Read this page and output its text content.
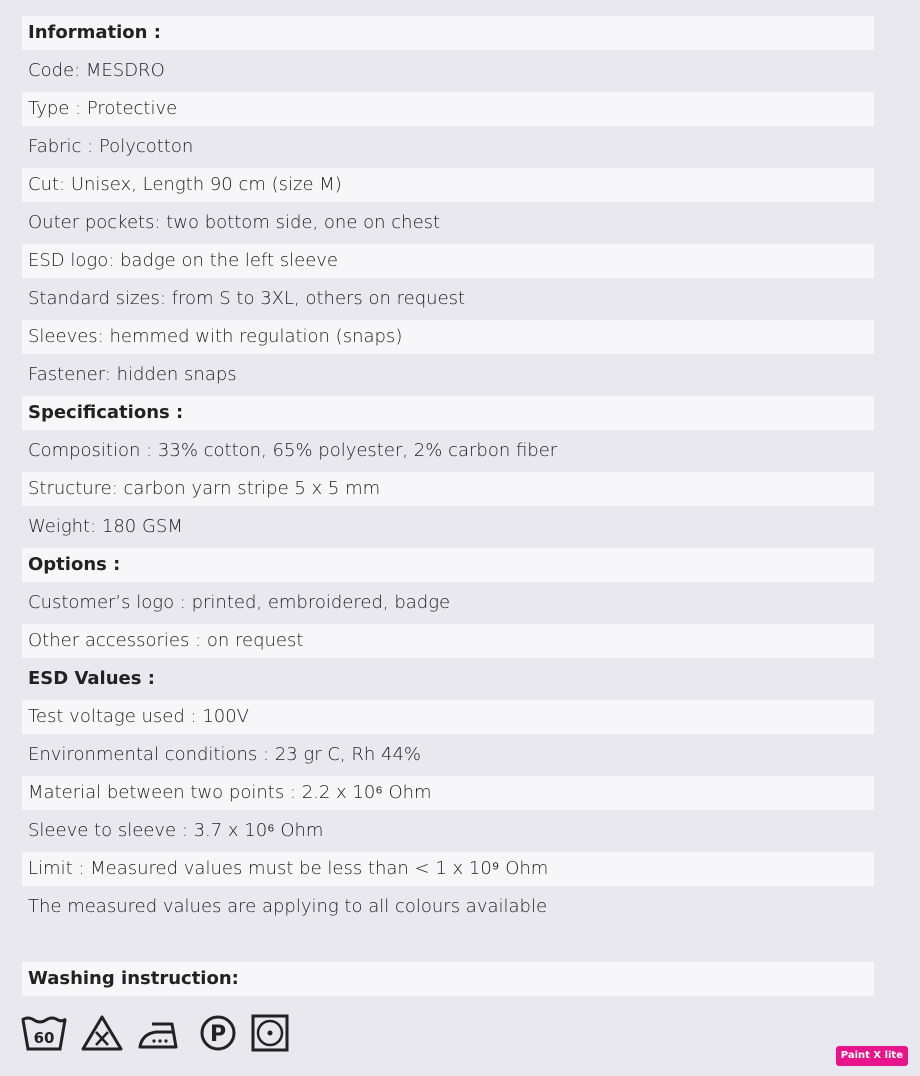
Information :
Code: MESDRO
Type : Protective
Fabric : Polycotton
Cut: Unisex, Length 90 cm (size M)
Outer pockets: two bottom side, one on chest
ESD logo: badge on the left sleeve
Standard sizes: from S to 3XL, others on request
Sleeves: hemmed with regulation (snaps)
Fastener: hidden snaps
Specifications :
Composition : 33% cotton, 65% polyester, 2% carbon fiber
Structure: carbon yarn stripe 5 x 5 mm
Weight: 180 GSM
Options :
Customer’s logo : printed, embroidered, badge
Other accessories : on request
ESD Values :
Test voltage used : 100V
Environmental conditions : 23 gr C, Rh 44%
Material between two points : 2.2 x 10⁶ Ohm
Sleeve to sleeve : 3.7 x 10⁶ Ohm
Limit : Measured values must be less than < 1 x 10⁹ Ohm
The measured values are applying to all colours available
Washing instruction:
60	P
Paint X lite
